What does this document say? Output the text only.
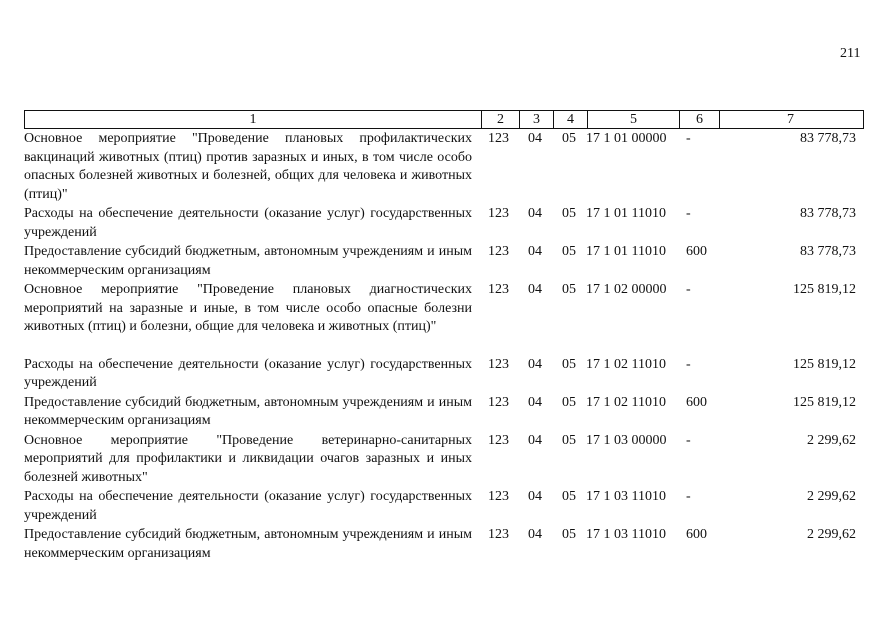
211
1	2	3	4	5	6	7
Основное мероприятие "Проведение плановых профилактических вакцинаций животных (птиц) против заразных и иных, в том числе особо опасных болезней животных и болезней, общих для человека и животных (птиц)"
123	04	05 17 1 01 00000	-	83 778,73
Расходы на обеспечение деятельности (оказание услуг) государственных учреждений
123	04	05 17 1 01 11010	-	83 778,73
Предоставление субсидий бюджетным, автономным учреждениям и иным некоммерческим организациям
123	04	05 17 1 01 11010	600	83 778,73
Основное мероприятие "Проведение плановых диагностических мероприятий на заразные и иные, в том числе особо опасные болезни животных (птиц) и болезни, общие для человека и животных (птиц)"
123	04	05 17 1 02 00000	-	125 819,12
Расходы на обеспечение деятельности (оказание услуг) государственных учреждений
123	04	05 17 1 02 11010	-	125 819,12
Предоставление субсидий бюджетным, автономным учреждениям и иным некоммерческим организациям
123	04	05 17 1 02 11010	600	125 819,12
Основное мероприятие "Проведение ветеринарно-санитарных мероприятий для профилактики и ликвидации очагов заразных и иных болезней животных"
123	04	05 17 1 03 00000	-	2 299,62
Расходы на обеспечение деятельности (оказание услуг) государственных учреждений
123	04	05 17 1 03 11010	-	2 299,62
Предоставление субсидий бюджетным, автономным учреждениям и иным некоммерческим организациям
123	04	05 17 1 03 11010	600	2 299,62
